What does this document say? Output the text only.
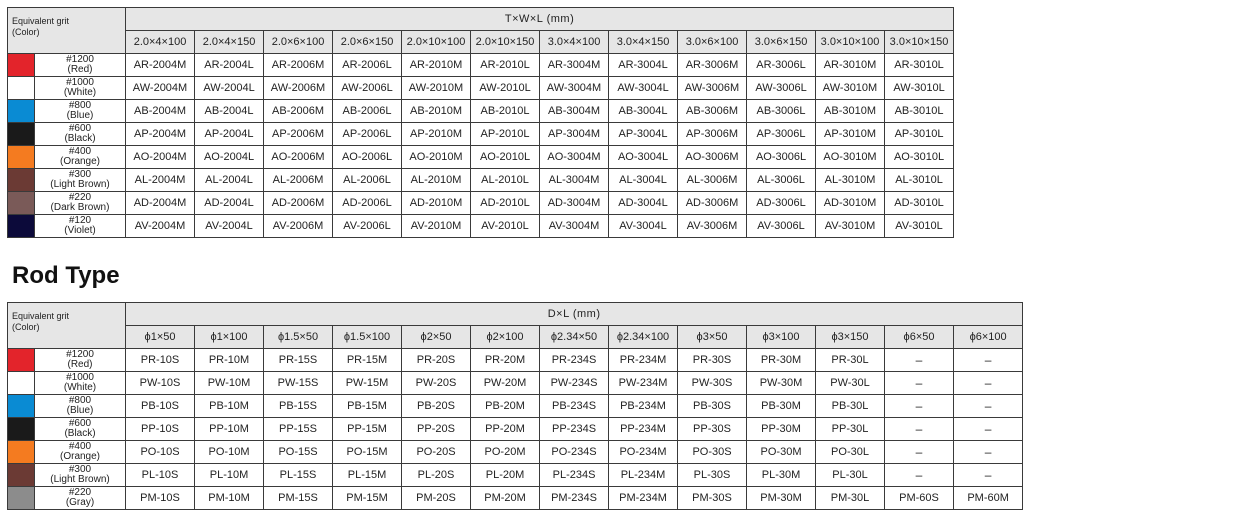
Equivalent grit
(Color)		T×W×L (mm)											
		2.0×4×100	2.0×4×150	2.0×6×100	2.0×6×150	2.0×10×100	2.0×10×150	3.0×4×100	3.0×4×150	3.0×6×100	3.0×6×150	3.0×10×100	3.0×10×150

	#1200
(Red)	AR-2004M	AR-2004L	AR-2006M	AR-2006L	AR-2010M	AR-2010L	AR-3004M	AR-3004L	AR-3006M	AR-3006L	AR-3010M	AR-3010L

	#1000
(White)	AW-2004M	AW-2004L	AW-2006M	AW-2006L	AW-2010M	AW-2010L	AW-3004M	AW-3004L	AW-3006M	AW-3006L	AW-3010M	AW-3010L

	#800
(Blue)	AB-2004M	AB-2004L	AB-2006M	AB-2006L	AB-2010M	AB-2010L	AB-3004M	AB-3004L	AB-3006M	AB-3006L	AB-3010M	AB-3010L

	#600
(Black)	AP-2004M	AP-2004L	AP-2006M	AP-2006L	AP-2010M	AP-2010L	AP-3004M	AP-3004L	AP-3006M	AP-3006L	AP-3010M	AP-3010L

	#400
(Orange)	AO-2004M	AO-2004L	AO-2006M	AO-2006L	AO-2010M	AO-2010L	AO-3004M	AO-3004L	AO-3006M	AO-3006L	AO-3010M	AO-3010L

	#300
(Light Brown)	AL-2004M	AL-2004L	AL-2006M	AL-2006L	AL-2010M	AL-2010L	AL-3004M	AL-3004L	AL-3006M	AL-3006L	AL-3010M	AL-3010L

	#220
(Dark Brown)	AD-2004M	AD-2004L	AD-2006M	AD-2006L	AD-2010M	AD-2010L	AD-3004M	AD-3004L	AD-3006M	AD-3006L	AD-3010M	AD-3010L

	#120
(Violet)	AV-2004M	AV-2004L	AV-2006M	AV-2006L	AV-2010M	AV-2010L	AV-3004M	AV-3004L	AV-3006M	AV-3006L	AV-3010M	AV-3010L
Rod Type
Equivalent grit
(Color)		D×L (mm)												
		ϕ1×50	ϕ1×100	ϕ1.5×50	ϕ1.5×100	ϕ2×50	ϕ2×100	ϕ2.34×50	ϕ2.34×100	ϕ3×50	ϕ3×100	ϕ3×150	ϕ6×50	ϕ6×100

	#1200
(Red)	PR-10S	PR-10M	PR-15S	PR-15M	PR-20S	PR-20M	PR-234S	PR-234M	PR-30S	PR-30M	PR-30L	–	–

	#1000
(White)	PW-10S	PW-10M	PW-15S	PW-15M	PW-20S	PW-20M	PW-234S	PW-234M	PW-30S	PW-30M	PW-30L	–	–

	#800
(Blue)	PB-10S	PB-10M	PB-15S	PB-15M	PB-20S	PB-20M	PB-234S	PB-234M	PB-30S	PB-30M	PB-30L	–	–

	#600
(Black)	PP-10S	PP-10M	PP-15S	PP-15M	PP-20S	PP-20M	PP-234S	PP-234M	PP-30S	PP-30M	PP-30L	–	–

	#400
(Orange)	PO-10S	PO-10M	PO-15S	PO-15M	PO-20S	PO-20M	PO-234S	PO-234M	PO-30S	PO-30M	PO-30L	–	–

	#300
(Light Brown)	PL-10S	PL-10M	PL-15S	PL-15M	PL-20S	PL-20M	PL-234S	PL-234M	PL-30S	PL-30M	PL-30L	–	–

	#220
(Gray)	PM-10S	PM-10M	PM-15S	PM-15M	PM-20S	PM-20M	PM-234S	PM-234M	PM-30S	PM-30M	PM-30L	PM-60S	PM-60M
